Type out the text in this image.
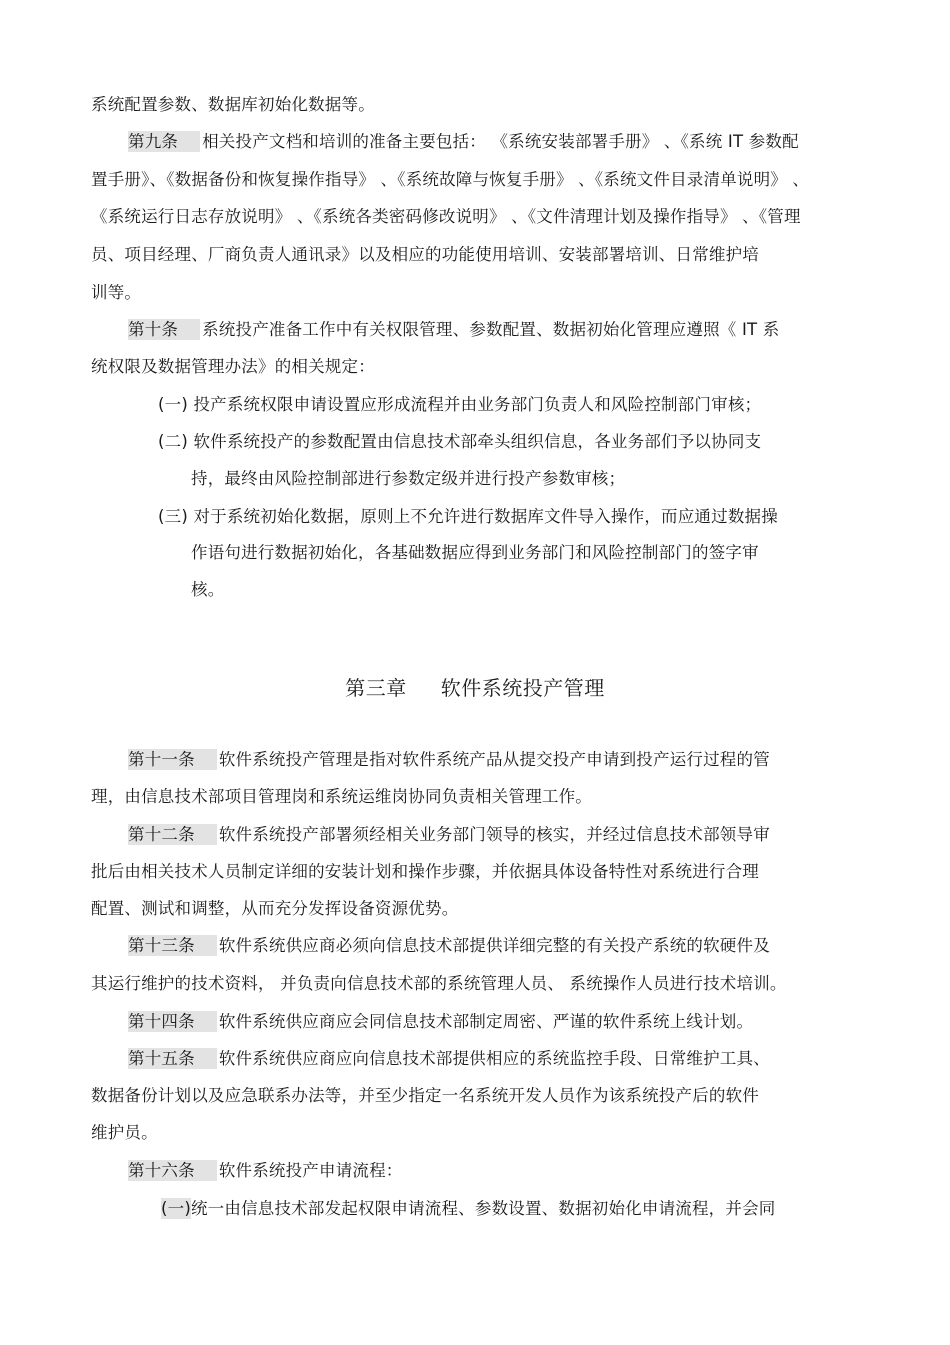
系统配置参数、数据库初始化数据等。
第九条 相关投产文档和培训的准备主要包括： 《系统安装部署手册》 、《系统 IT 参数配
置手册》、《数据备份和恢复操作指导》 、《系统故障与恢复手册》 、《系统文件目录清单说明》 、
《系统运行日志存放说明》 、《系统各类密码修改说明》 、《文件清理计划及操作指导》 、《管理
员、项目经理、厂商负责人通讯录》以及相应的功能使用培训、安装部署培训、日常维护培
训等。
第十条 系统投产准备工作中有关权限管理、参数配置、数据初始化管理应遵照《 IT 系
统权限及数据管理办法》的相关规定：
(一) 投产系统权限申请设置应形成流程并由业务部门负责人和风险控制部门审核；
(二) 软件系统投产的参数配置由信息技术部牵头组织信息，各业务部们予以协同支
持，最终由风险控制部进行参数定级并进行投产参数审核；
(三) 对于系统初始化数据，原则上不允许进行数据库文件导入操作，而应通过数据操
作语句进行数据初始化，各基础数据应得到业务部门和风险控制部门的签字审
核。
第三章 软件系统投产管理
第十一条 软件系统投产管理是指对软件系统产品从提交投产申请到投产运行过程的管
理，由信息技术部项目管理岗和系统运维岗协同负责相关管理工作。
第十二条 软件系统投产部署须经相关业务部门领导的核实，并经过信息技术部领导审
批后由相关技术人员制定详细的安装计划和操作步骤，并依据具体设备特性对系统进行合理
配置、测试和调整，从而充分发挥设备资源优势。
第十三条 软件系统供应商必须向信息技术部提供详细完整的有关投产系统的软硬件及
其运行维护的技术资料， 并负责向信息技术部的系统管理人员、 系统操作人员进行技术培训。
第十四条 软件系统供应商应会同信息技术部制定周密、严谨的软件系统上线计划。
第十五条 软件系统供应商应向信息技术部提供相应的系统监控手段、日常维护工具、
数据备份计划以及应急联系办法等，并至少指定一名系统开发人员作为该系统投产后的软件
维护员。
第十六条 软件系统投产申请流程：
(一)统一由信息技术部发起权限申请流程、参数设置、数据初始化申请流程，并会同
